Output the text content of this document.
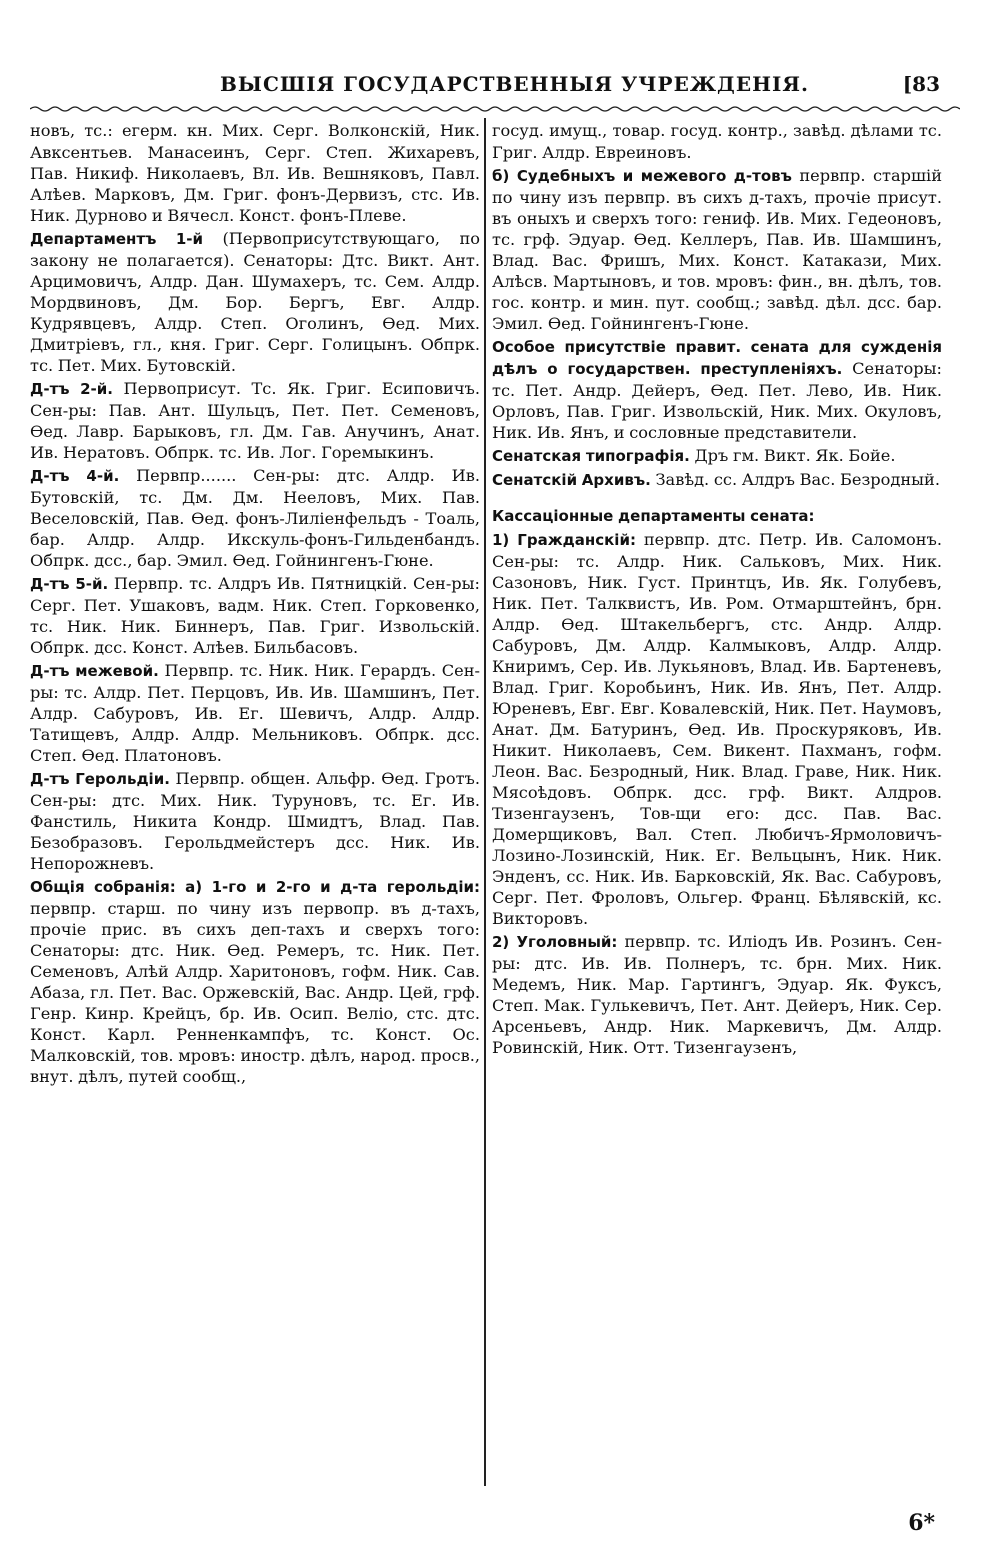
ВЫСШІЯ ГОСУДАРСТВЕННЫЯ УЧРЕЖДЕНІЯ.	[83

новъ, тс.: егерм. кн. Мих. Серг. Волконскій, Ник. Авксентьев. Манасеинъ, Серг. Степ. Жихаревъ, Пав. Никиф. Николаевъ, Вл. Ив. Вешняковъ, Павл. Алѣев. Марковъ, Дм. Григ. фонъ-Дервизъ, стс. Ив. Ник. Дурново и Вячесл. Конст. фонъ-Плеве.

Департаментъ 1-й (Первоприсутствующаго, по закону не полагается). Сенаторы: Дтс. Викт. Ант. Арцимовичъ, Алдр. Дан. Шумахеръ, тс. Сем. Алдр. Мордвиновъ, Дм. Бор. Бергъ, Евг. Алдр. Кудрявцевъ, Алдр. Степ. Оголинъ, Ѳед. Мих. Дмитріевъ, гл., кня. Григ. Серг. Голицынъ. Обпрк. тс. Пет. Мих. Бутовскій.

Д-тъ 2-й. Первоприсут. Тс. Як. Григ. Есиповичъ. Сен-ры: Пав. Ант. Шульцъ, Пет. Пет. Семеновъ, Ѳед. Лавр. Барыковъ, гл. Дм. Гав. Анучинъ, Анат. Ив. Нератовъ. Обпрк. тс. Ив. Лог. Горемыкинъ.

Д-тъ 4-й. Первпр....... Сен-ры: дтс. Алдр. Ив. Бутовскій, тс. Дм. Дм. Нееловъ, Мих. Пав. Веселовскій, Пав. Ѳед. фонъ-Лиліенфельдъ - Тоаль, бар. Алдр. Алдр. Икскуль-фонъ-Гильденбандъ. Обпрк. дсс., бар. Эмил. Ѳед. Гойнингенъ-Гюне.

Д-тъ 5-й. Первпр. тс. Алдръ Ив. Пятницкій. Сен-ры: Серг. Пет. Ушаковъ, вадм. Ник. Степ. Горковенко, тс. Ник. Ник. Биннеръ, Пав. Григ. Извольскій. Обпрк. дсс. Конст. Алѣев. Бильбасовъ.

Д-тъ межевой. Первпр. тс. Ник. Ник. Герардъ. Сен-ры: тс. Алдр. Пет. Перцовъ, Ив. Ив. Шамшинъ, Пет. Алдр. Сабуровъ, Ив. Ег. Шевичъ, Алдр. Алдр. Татищевъ, Алдр. Алдр. Мельниковъ. Обпрк. дсс. Степ. Ѳед. Платоновъ.

Д-тъ Герольдіи. Первпр. общен. Альфр. Ѳед. Гротъ. Сен-ры: дтс. Мих. Ник. Туруновъ, тс. Ег. Ив. Фанстиль, Никита Кондр. Шмидтъ, Влад. Пав. Безобразовъ. Герольдмейстеръ дсс. Ник. Ив. Непорожневъ.

Общія собранія: а) 1-го и 2-го и д-та герольдіи: первпр. старш. по чину изъ первопр. въ д-тахъ, прочіе прис. въ сихъ деп-тахъ и сверхъ того: Сенаторы: дтс. Ник. Ѳед. Ремеръ, тс. Ник. Пет. Семеновъ, Алѣй Алдр. Харитоновъ, гофм. Ник. Сав. Абаза, гл. Пет. Вас. Оржевскій, Вас. Андр. Цей, грф. Генр. Кинр. Крейцъ, бр. Ив. Осип. Веліо, стс. дтс. Конст. Карл. Ренненкампфъ, тс. Конст. Ос. Малковскій, тов. мровъ: иностр. дѣлъ, народ. просв., внут. дѣлъ, путей сообщ.,

госуд. имущ., товар. госуд. контр., завѣд. дѣлами тс. Григ. Алдр. Евреиновъ.

б) Судебныхъ и межевого д-товъ первпр. старшій по чину изъ первпр. въ сихъ д-тахъ, прочіе присут. въ оныхъ и сверхъ того: гениф. Ив. Мих. Гедеоновъ, тс. грф. Эдуар. Ѳед. Келлеръ, Пав. Ив. Шамшинъ, Влад. Вас. Фришъ, Мих. Конст. Катакази, Мих. Алѣсв. Мартыновъ, и тов. мровъ: фин., вн. дѣлъ, тов. гос. контр. и мин. пут. сообщ.; завѣд. дѣл. дсс. бар. Эмил. Ѳед. Гойнингенъ-Гюне.

Особое присутствіе правит. сената для сужденія дѣлъ о государствен. преступленіяхъ. Сенаторы: тс. Пет. Андр. Дейеръ, Ѳед. Пет. Лево, Ив. Ник. Орловъ, Пав. Григ. Извольскій, Ник. Мих. Окуловъ, Ник. Ив. Янъ, и сословные представители.

Сенатская типографія. Дръ гм. Викт. Як. Бойе.

Сенатскій Архивъ. Завѣд. сс. Алдръ Вас. Безродный.

Кассаціонные департаменты сената:

1) Гражданскій: первпр. дтс. Петр. Ив. Саломонъ. Сен-ры: тс. Алдр. Ник. Сальковъ, Мих. Ник. Сазоновъ, Ник. Густ. Принтцъ, Ив. Як. Голубевъ, Ник. Пет. Талквистъ, Ив. Ром. Отмарштейнъ, брн. Алдр. Ѳед. Штакельбергъ, стс. Андр. Алдр. Сабуровъ, Дм. Алдр. Калмыковъ, Алдр. Алдр. Книримъ, Сер. Ив. Лукьяновъ, Влад. Ив. Бартеневъ, Влад. Григ. Коробьинъ, Ник. Ив. Янъ, Пет. Алдр. Юреневъ, Евг. Евг. Ковалевскій, Ник. Пет. Наумовъ, Анат. Дм. Батуринъ, Ѳед. Ив. Проскуряковъ, Ив. Никит. Николаевъ, Сем. Викент. Пахманъ, гофм. Леон. Вас. Безродный, Ник. Влад. Граве, Ник. Ник. Мясоѣдовъ. Обпрк. дсс. грф. Викт. Алдров. Тизенгаузенъ, Тов-щи его: дсс. Пав. Вас. Домерщиковъ, Вал. Степ. Любичъ-Ярмоловичъ-Лозино-Лозинскій, Ник. Ег. Вельцынъ, Ник. Ник. Энденъ, сс. Ник. Ив. Барковскій, Як. Вас. Сабуровъ, Серг. Пет. Фроловъ, Ольгер. Франц. Бѣлявскій, кс. Викторовъ.

2) Уголовный: первпр. тс. Иліодъ Ив. Розинъ. Сен-ры: дтс. Ив. Ив. Полнеръ, тс. брн. Мих. Ник. Медемъ, Ник. Мар. Гартингъ, Эдуар. Як. Фуксъ, Степ. Мак. Гулькевичъ, Пет. Ант. Дейеръ, Ник. Сер. Арсеньевъ, Андр. Ник. Маркевичъ, Дм. Алдр. Ровинскій, Ник. Отт. Тизенгаузенъ,

6*
